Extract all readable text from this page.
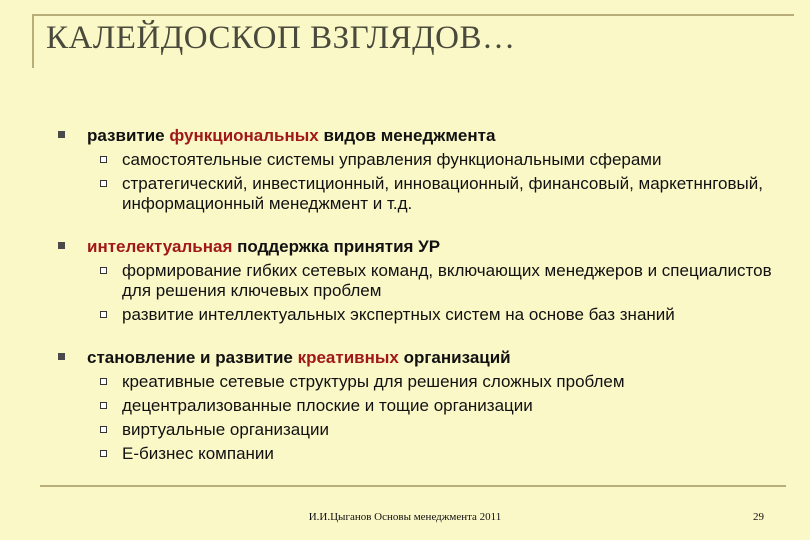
КАЛЕЙДОСКОП ВЗГЛЯДОВ…
развитие функциональных видов менеджмента
самостоятельные системы управления функциональными сферами
стратегический, инвестиционный, инновационный, финансовый, маркетннговый, информационный менеджмент и т.д.
интелектуальная поддержка принятия УР
формирование гибких сетевых команд, включающих менеджеров и специалистов для решения ключевых проблем
развитие интеллектуальных экспертных систем на основе баз знаний
становление и развитие креативных организаций
креативные сетевые структуры для решения сложных проблем
децентрализованные плоские и тощие организации
виртуальные организации
Е-бизнес компании
И.И.Цыганов Основы менеджмента 2011	29
